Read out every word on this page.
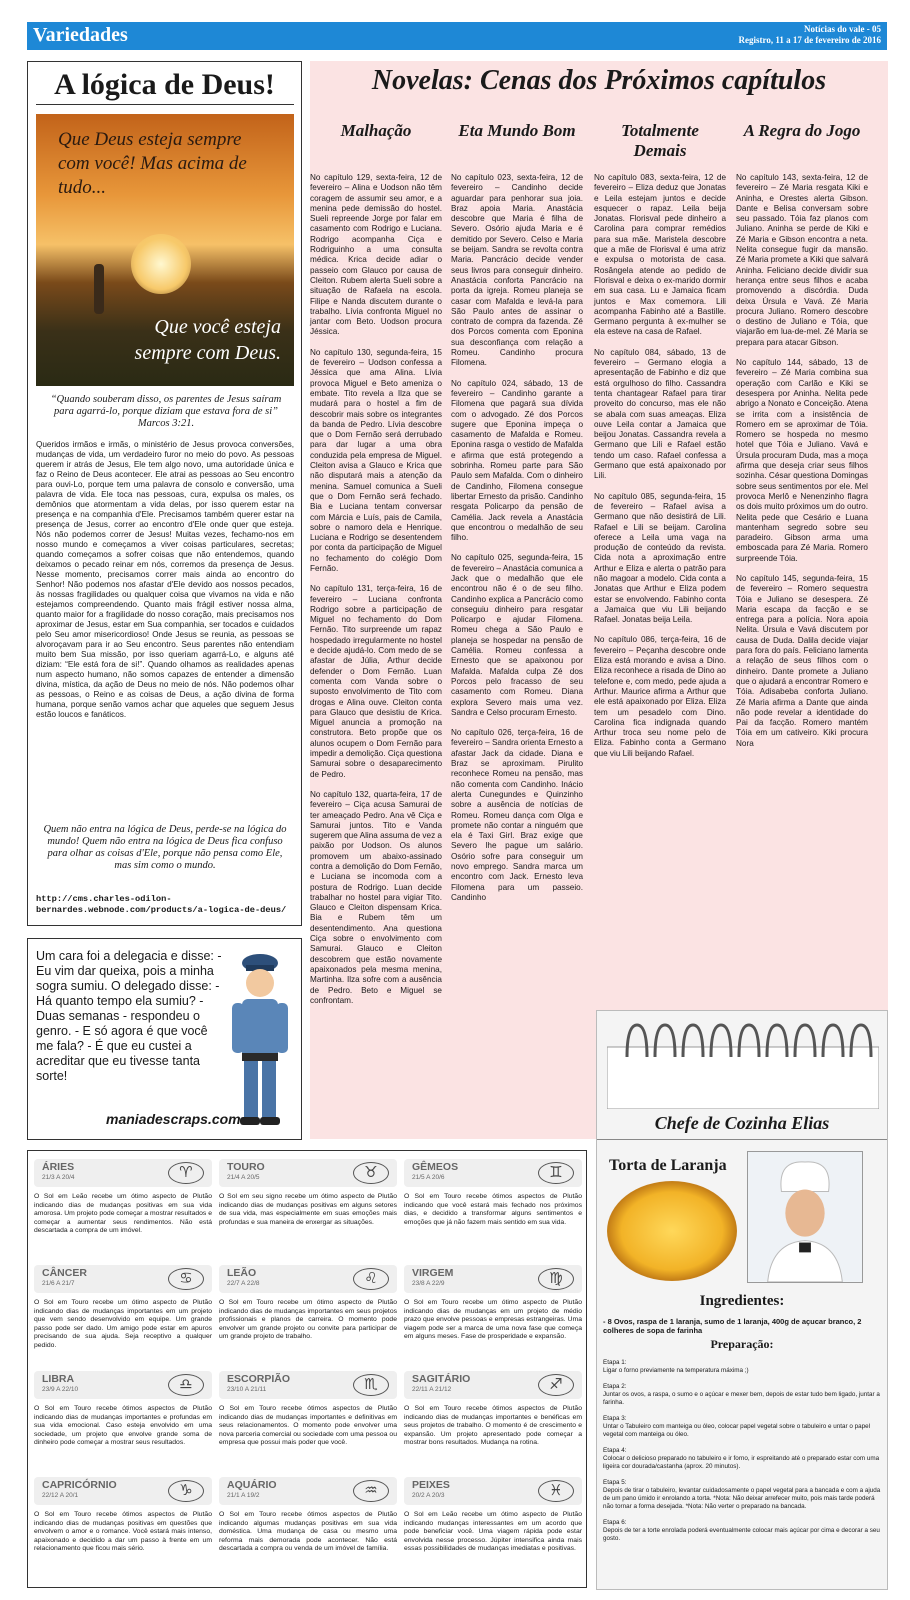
Variedades	Notícias do vale - 05
Registro, 11 a 17 de fevereiro de 2016
A lógica de Deus!
Que Deus esteja sempre com você! Mas acima de tudo...
Que você esteja sempre com Deus.
“Quando souberam disso, os parentes de Jesus saíram para agarrá-lo, porque diziam que estava fora de si” Marcos 3:21.
Queridos irmãos e irmãs, o ministério de Jesus provoca conversões, mudanças de vida, um verdadeiro furor no meio do povo. As pessoas querem ir atrás de Jesus, Ele tem algo novo, uma autoridade única e faz o Reino de Deus acontecer. Ele atrai as pessoas ao Seu encontro para ouvi-Lo, porque tem uma palavra de consolo e conversão, uma palavra de vida. Ele toca nas pessoas, cura, expulsa os males, os demônios que atormentam a vida delas, por isso querem estar na presença e na companhia d'Ele. Precisamos também querer estar na presença de Jesus, correr ao encontro d'Ele onde quer que esteja. Nós não podemos correr de Jesus! Muitas vezes, fechamo-nos em nosso mundo e começamos a viver coisas particulares, secretas; quando começamos a sofrer coisas que não entendemos, quando deixamos o pecado reinar em nós, corremos da presença de Jesus. Nesse momento, precisamos correr mais ainda ao encontro do Senhor! Não podemos nos afastar d'Ele devido aos nossos pecados, às nossas fragilidades ou qualquer coisa que vivamos na vida e não estejamos compreendendo. Quanto mais frágil estiver nossa alma, quanto maior for a fragilidade do nosso coração, mais precisamos nos aproximar de Jesus, estar em Sua companhia, ser tocados e cuidados pelo Seu amor misericordioso! Onde Jesus se reunia, as pessoas se alvoroçavam para ir ao Seu encontro. Seus parentes não entendiam muito bem Sua missão, por isso queriam agarrá-Lo, e alguns até diziam: “Ele está fora de si!”. Quando olhamos as realidades apenas num aspecto humano, não somos capazes de entender a dimensão divina, mística, da ação de Deus no meio de nós. Não podemos olhar as pessoas, o Reino e as coisas de Deus, a ação divina de forma humana, porque senão vamos achar que aqueles que seguem Jesus estão loucos e fanáticos.
Quem não entra na lógica de Deus, perde-se na lógica do mundo! Quem não entra na lógica de Deus fica confuso para olhar as coisas d'Ele, porque não pensa como Ele, mas sim como o mundo.
http://cms.charles-odilon-bernardes.webnode.com/products/a-logica-de-deus/
Um cara foi a delegacia e disse: - Eu vim dar queixa, pois a minha sogra sumiu. O delegado disse: - Há quanto tempo ela sumiu? - Duas semanas - respondeu o genro. - E só agora é que você me fala? - É que eu custei a acreditar que eu tivesse tanta sorte!
maniadescraps.com
Novelas: Cenas dos Próximos capítulos
Malhação

No capítulo 129, sexta-feira, 12 de fevereiro – Alina e Uodson não têm coragem de assumir seu amor, e a menina pede demissão do hostel. Sueli repreende Jorge por falar em casamento com Rodrigo e Luciana. Rodrigo acompanha Ciça e Rodriguinho a uma consulta médica. Krica decide adiar o passeio com Glauco por causa de Cleiton. Rubem alerta Sueli sobre a situação de Rafaela na escola. Filipe e Nanda discutem durante o trabalho. Lívia confronta Miguel no jantar com Beto. Uodson procura Jéssica.

No capítulo 130, segunda-feira, 15 de fevereiro – Uodson confessa a Jéssica que ama Alina. Lívia provoca Miguel e Beto ameniza o embate. Tito revela a Ilza que se mudará para o hostel a fim de descobrir mais sobre os integrantes da banda de Pedro. Lívia descobre que o Dom Fernão será derrubado para dar lugar a uma obra conduzida pela empresa de Miguel. Cleiton avisa a Glauco e Krica que não disputará mais a atenção da menina. Samuel comunica a Sueli que o Dom Fernão será fechado. Bia e Luciana tentam conversar com Márcia e Luís, pais de Camila, sobre o namoro dela e Henrique. Luciana e Rodrigo se desentendem por conta da participação de Miguel no fechamento do colégio Dom Fernão.

No capítulo 131, terça-feira, 16 de fevereiro – Luciana confronta Rodrigo sobre a participação de Miguel no fechamento do Dom Fernão. Tito surpreende um rapaz hospedado irregularmente no hostel e decide ajudá-lo. Com medo de se afastar de Júlia, Arthur decide defender o Dom Fernão. Luan comenta com Vanda sobre o suposto envolvimento de Tito com drogas e Alina ouve. Cleiton conta para Glauco que desistiu de Krica. Miguel anuncia a promoção na construtora. Beto propõe que os alunos ocupem o Dom Fernão para impedir a demolição. Ciça questiona Samurai sobre o desaparecimento de Pedro.

No capítulo 132, quarta-feira, 17 de fevereiro – Ciça acusa Samurai de ter ameaçado Pedro. Ana vê Ciça e Samurai juntos. Tito e Vanda sugerem que Alina assuma de vez a paixão por Uodson. Os alunos promovem um abaixo-assinado contra a demolição do Dom Fernão, e Luciana se incomoda com a postura de Rodrigo. Luan decide trabalhar no hostel para vigiar Tito. Glauco e Cleiton dispensam Krica. Bia e Rubem têm um desentendimento. Ana questiona Ciça sobre o envolvimento com Samurai. Glauco e Cleiton descobrem que estão novamente apaixonados pela mesma menina, Martinha. Ilza sofre com a ausência de Pedro. Beto e Miguel se confrontam.

Eta Mundo Bom

No capítulo 023, sexta-feira, 12 de fevereiro – Candinho decide aguardar para penhorar sua joia. Braz apoia Maria. Anastácia descobre que Maria é filha de Severo. Osório ajuda Maria e é demitido por Severo. Celso e Maria se beijam. Sandra se revolta contra Maria. Pancrácio decide vender seus livros para conseguir dinheiro. Anastácia conforta Pancrácio na porta da igreja. Romeu planeja se casar com Mafalda e levá-la para São Paulo antes de assinar o contrato de compra da fazenda. Zé dos Porcos comenta com Eponina sua desconfiança com relação a Romeu. Candinho procura Filomena.

No capítulo 024, sábado, 13 de fevereiro – Candinho garante a Filomena que pagará sua dívida com o advogado. Zé dos Porcos sugere que Eponina impeça o casamento de Mafalda e Romeu. Eponina rasga o vestido de Mafalda e afirma que está protegendo a sobrinha. Romeu parte para São Paulo sem Mafalda. Com o dinheiro de Candinho, Filomena consegue libertar Ernesto da prisão. Candinho resgata Policarpo da pensão de Camélia. Jack revela a Anastácia que encontrou o medalhão de seu filho.

No capítulo 025, segunda-feira, 15 de fevereiro – Anastácia comunica a Jack que o medalhão que ele encontrou não é o de seu filho. Candinho explica a Pancrácio como conseguiu dinheiro para resgatar Policarpo e ajudar Filomena. Romeu chega a São Paulo e planeja se hospedar na pensão de Camélia. Romeu confessa a Ernesto que se apaixonou por Mafalda. Mafalda culpa Zé dos Porcos pelo fracasso de seu casamento com Romeu. Diana explora Severo mais uma vez. Sandra e Celso procuram Ernesto.

No capítulo 026, terça-feira, 16 de fevereiro – Sandra orienta Ernesto a afastar Jack da cidade. Diana e Braz se aproximam. Pirulito reconhece Romeu na pensão, mas não comenta com Candinho. Inácio alerta Cunegundes e Quinzinho sobre a ausência de notícias de Romeu. Romeu dança com Olga e promete não contar a ninguém que ela é Taxi Girl. Braz exige que Severo lhe pague um salário. Osório sofre para conseguir um novo emprego. Sandra marca um encontro com Jack. Ernesto leva Filomena para um passeio. Candinho

Totalmente Demais

No capítulo 083, sexta-feira, 12 de fevereiro – Eliza deduz que Jonatas e Leila estejam juntos e decide esquecer o rapaz. Leila beija Jonatas. Florisval pede dinheiro a Carolina para comprar remédios para sua mãe. Maristela descobre que a mãe de Florisval é uma atriz e expulsa o motorista de casa. Rosângela atende ao pedido de Florisval e deixa o ex-marido dormir em sua casa. Lu e Jamaica ficam juntos e Max comemora. Lili acompanha Fabinho até a Bastille. Germano pergunta à ex-mulher se ela esteve na casa de Rafael.

No capítulo 084, sábado, 13 de fevereiro – Germano elogia a apresentação de Fabinho e diz que está orgulhoso do filho. Cassandra tenta chantagear Rafael para tirar proveito do concurso, mas ele não se abala com suas ameaças. Eliza ouve Leila contar a Jamaica que beijou Jonatas. Cassandra revela a Germano que Lili e Rafael estão tendo um caso. Rafael confessa a Germano que está apaixonado por Lili.

No capítulo 085, segunda-feira, 15 de fevereiro – Rafael avisa a Germano que não desistirá de Lili. Rafael e Lili se beijam. Carolina oferece a Leila uma vaga na produção de conteúdo da revista. Cida nota a aproximação entre Arthur e Eliza e alerta o patrão para não magoar a modelo. Cida conta a Jonatas que Arthur e Eliza podem estar se envolvendo. Fabinho conta a Jamaica que viu Lili beijando Rafael. Jonatas beija Leila.

No capítulo 086, terça-feira, 16 de fevereiro – Peçanha descobre onde Eliza está morando e avisa a Dino. Eliza reconhece a risada de Dino ao telefone e, com medo, pede ajuda a Arthur. Maurice afirma a Arthur que ele está apaixonado por Eliza. Eliza tem um pesadelo com Dino. Carolina fica indignada quando Arthur troca seu nome pelo de Eliza. Fabinho conta a Germano que viu Lili beijando Rafael.

A Regra do Jogo

No capítulo 143, sexta-feira, 12 de fevereiro – Zé Maria resgata Kiki e Aninha, e Orestes alerta Gibson. Dante e Belisa conversam sobre seu passado. Tóia faz planos com Juliano. Aninha se perde de Kiki e Zé Maria e Gibson encontra a neta. Nelita consegue fugir da mansão. Zé Maria promete a Kiki que salvará Aninha. Feliciano decide dividir sua herança entre seus filhos e acaba promovendo a discórdia. Duda deixa Úrsula e Vavá. Zé Maria procura Juliano. Romero descobre o destino de Juliano e Tóia, que viajarão em lua-de-mel. Zé Maria se prepara para atacar Gibson.

No capítulo 144, sábado, 13 de fevereiro – Zé Maria combina sua operação com Carlão e Kiki se desespera por Aninha. Nelita pede abrigo a Nonato e Conceição. Atena se irrita com a insistência de Romero em se aproximar de Tóia. Romero se hospeda no mesmo hotel que Tóia e Juliano. Vavá e Úrsula procuram Duda, mas a moça afirma que deseja criar seus filhos sozinha. César questiona Domingas sobre seus sentimentos por ele. Mel provoca Merlô e Nenenzinho flagra os dois muito próximos um do outro. Nelita pede que Cesário e Luana mantenham segredo sobre seu paradeiro. Gibson arma uma emboscada para Zé Maria. Romero surpreende Tóia.

No capítulo 145, segunda-feira, 15 de fevereiro – Romero sequestra Tóia e Juliano se desespera. Zé Maria escapa da facção e se entrega para a polícia. Nora apoia Nelita. Úrsula e Vavá discutem por causa de Duda. Dalila decide viajar para fora do país. Feliciano lamenta a relação de seus filhos com o dinheiro. Dante promete a Juliano que o ajudará a encontrar Romero e Tóia. Adisabeba conforta Juliano. Zé Maria afirma a Dante que ainda não pode revelar a identidade do Pai da facção. Romero mantém Tóia em um cativeiro. Kiki procura Nora

Chefe de Cozinha Elias
Torta de Laranja
Ingredientes:
- 8 Ovos, raspa de 1 laranja, sumo de 1 laranja, 400g de açucar branco, 2 colheres de sopa de farinha
Preparação:
Etapa 1:
Ligar o forno previamente na temperatura máxima ;)
Etapa 2:
Juntar os ovos, a raspa, o sumo e o açúcar e mexer bem, depois de estar tudo bem ligado, juntar a farinha.
Etapa 3:
Untar o Tabuleiro com manteiga ou óleo, colocar papel vegetal sobre o tabuleiro e untar o papel vegetal com manteiga ou óleo.
Etapa 4:
Colocar o delicioso preparado no tabuleiro e ir forno, ir espreitando até o preparado estar com uma ligeira cor dourada/castanha (aprox. 20 minutos).
Etapa 5:
Depois de tirar o tabuleiro, levantar cuidadosamente o papel vegetal para a bancada e com a ajuda de um pano úmido ir enrolando a torta. *Nota: Não deixar arrefecer muito, pois mais tarde poderá não tornar a forma desejada. *Nota: Não verter o preparado na bancada.
Etapa 6:
Depois de ter a torte enrolada poderá eventualmente colocar mais açúcar por cima e decorar a seu gosto.
ÁRIES
21/3 A 20/4	♈
O Sol em Leão recebe um ótimo aspecto de Plutão indicando dias de mudanças positivas em sua vida amorosa. Um projeto pode começar a mostrar resultados e começar a aumentar seus rendimentos. Não está descartada a compra de um imóvel.
TOURO
21/4 A 20/5	♉
O Sol em seu signo recebe um ótimo aspecto de Plutão indicando dias de mudanças positivas em alguns setores de sua vida, mas especialmente em suas emoções mais profundas e sua maneira de enxergar as situações.
GÊMEOS
21/5 A 20/6	♊
O Sol em Touro recebe ótimos aspectos de Plutão indicando que você estará mais fechado nos próximos dias, e decidido a transformar alguns sentimentos e emoções que já não fazem mais sentido em sua vida.
CÂNCER
21/6 A 21/7	♋
O Sol em Touro recebe um ótimo aspecto de Plutão indicando dias de mudanças importantes em um projeto que vem sendo desenvolvido em equipe. Um grande passo pode ser dado. Um amigo pode estar em apuros precisando de sua ajuda. Seja receptivo a qualquer pedido.
LEÃO
22/7 A 22/8	♌
O Sol em Touro recebe um ótimo aspecto de Plutão indicando dias de mudanças importantes em seus projetos profissionais e planos de carreira. O momento pode envolver um grande projeto ou convite para participar de um grande projeto de trabalho.
VIRGEM
23/8 A 22/9	♍
O Sol em Touro recebe um ótimo aspecto de Plutão indicando dias de mudanças em um projeto de médio prazo que envolve pessoas e empresas estrangeiras. Uma viagem pode ser a marca de uma nova fase que começa em alguns meses. Fase de prosperidade e expansão.
LIBRA
23/9 A 22/10	♎
O Sol em Touro recebe ótimos aspectos de Plutão indicando dias de mudanças importantes e profundas em sua vida emocional. Caso esteja envolvido em uma sociedade, um projeto que envolve grande soma de dinheiro pode começar a mostrar seus resultados.
ESCORPIÃO
23/10 A 21/11	♏
O Sol em Touro recebe ótimos aspectos de Plutão indicando dias de mudanças importantes e definitivas em seus relacionamentos. O momento pode envolver uma nova parceria comercial ou sociedade com uma pessoa ou empresa que possui mais poder que você.
SAGITÁRIO
22/11 A 21/12	♐
O Sol em Touro recebe ótimos aspectos de Plutão indicando dias de mudanças importantes e benéficas em seus projetos de trabalho. O momento é de crescimento e expansão. Um projeto apresentado pode começar a mostrar bons resultados. Mudança na rotina.
CAPRICÓRNIO
22/12 A 20/1	♑
O Sol em Touro recebe ótimos aspectos de Plutão indicando dias de mudanças positivas em questões que envolvem o amor e o romance. Você estará mais intenso, apaixonado e decidido a dar um passo à frente em um relacionamento que ficou mais sério.
AQUÁRIO
21/1 A 19/2	♒
O Sol em Touro recebe ótimos aspectos de Plutão indicando algumas mudanças positivas em sua vida doméstica. Uma mudança de casa ou mesmo uma reforma mais demorada pode acontecer. Não está descartada a compra ou venda de um imóvel de família.
PEIXES
20/2 A 20/3	♓
O Sol em Leão recebe um ótimo aspecto de Plutão indicando mudanças interessantes em um acordo que pode beneficiar você. Uma viagem rápida pode estar envolvida nesse processo. Júpiter intensifica ainda mais essas possibilidades de mudanças imediatas e positivas.
